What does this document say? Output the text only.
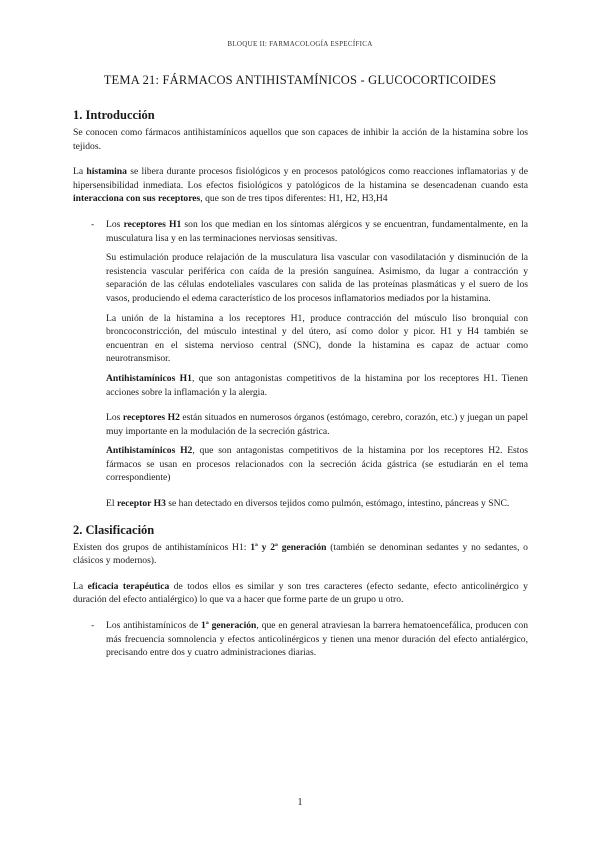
BLOQUE II: FARMACOLOGÍA ESPECÍFICA
TEMA 21: FÁRMACOS ANTIHISTAMÍNICOS - GLUCOCORTICOIDES
1. Introducción

Se conocen como fármacos antihistamínicos aquellos que son capaces de inhibir la acción de la histamina sobre los tejidos.

La histamina se libera durante procesos fisiológicos y en procesos patológicos como reacciones inflamatorias y de hipersensibilidad inmediata. Los efectos fisiológicos y patológicos de la histamina se desencadenan cuando esta interacciona con sus receptores, que son de tres tipos diferentes: H1, H2, H3,H4

- Los receptores H1 son los que median en los síntomas alérgicos y se encuentran, fundamentalmente, en la musculatura lisa y en las terminaciones nerviosas sensitivas.

Su estimulación produce relajación de la musculatura lisa vascular con vasodilatación y disminución de la resistencia vascular periférica con caída de la presión sanguínea. Asimismo, da lugar a contracción y separación de las células endoteliales vasculares con salida de las proteínas plasmáticas y el suero de los vasos, produciendo el edema característico de los procesos inflamatorios mediados por la histamina.

La unión de la histamina a los receptores H1, produce contracción del músculo liso bronquial con broncoconstricción, del músculo intestinal y del útero, así como dolor y picor. H1 y H4 también se encuentran en el sistema nervioso central (SNC), donde la histamina es capaz de actuar como neurotransmisor.

Antihistamínicos H1, que son antagonistas competitivos de la histamina por los receptores H1. Tienen acciones sobre la inflamación y la alergia.

Los receptores H2 están situados en numerosos órganos (estómago, cerebro, corazón, etc.) y juegan un papel muy importante en la modulación de la secreción gástrica.

Antihistamínicos H2, que son antagonistas competitivos de la histamina por los receptores H2. Estos fármacos se usan en procesos relacionados con la secreción ácida gástrica (se estudiarán en el tema correspondiente)

El receptor H3 se han detectado en diversos tejidos como pulmón, estómago, intestino, páncreas y SNC.

2. Clasificación

Existen dos grupos de antihistamínicos H1: 1ª y 2ª generación (también se denominan sedantes y no sedantes, o clásicos y modernos).

La eficacia terapéutica de todos ellos es similar y son tres caracteres (efecto sedante, efecto anticolinérgico y duración del efecto antialérgico) lo que va a hacer que forme parte de un grupo u otro.

- Los antihistamínicos de 1ª generación, que en general atraviesan la barrera hematoencefálica, producen con más frecuencia somnolencia y efectos anticolinérgicos y tienen una menor duración del efecto antialérgico, precisando entre dos y cuatro administraciones diarias.

1
